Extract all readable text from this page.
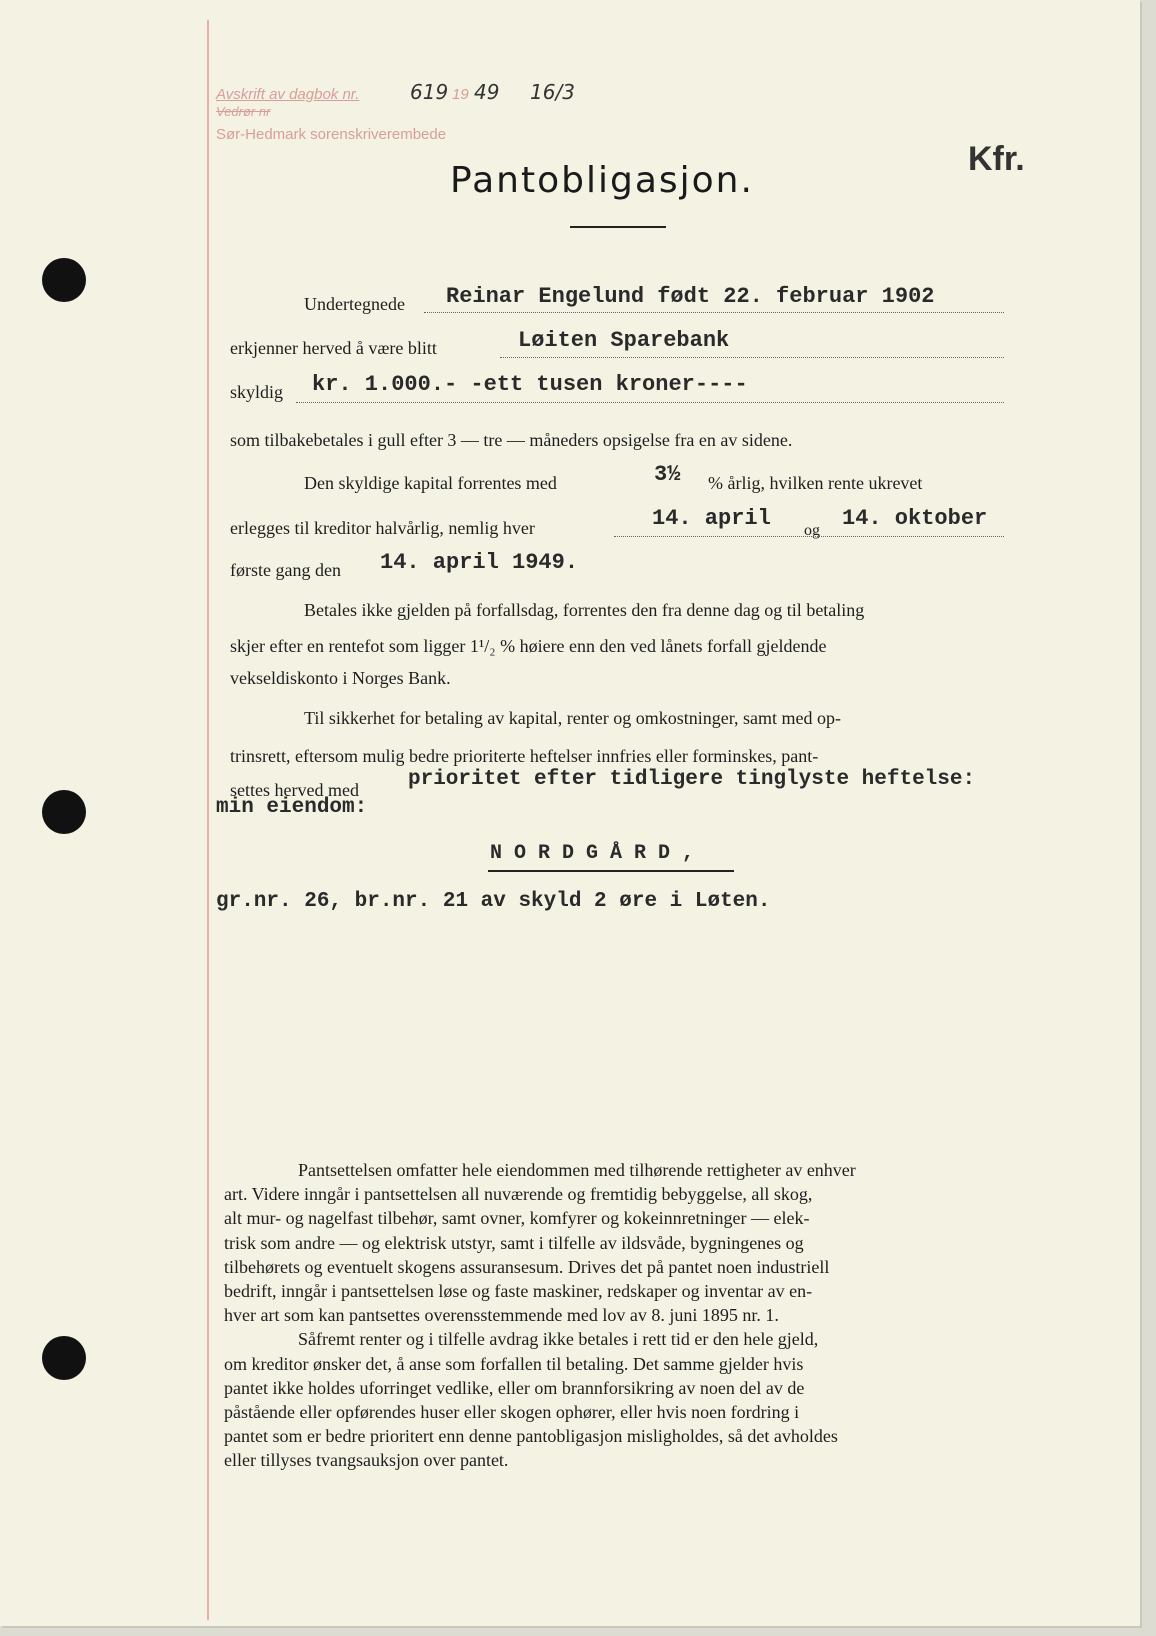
Avskrift av dagbok nr.
Vedrør nr
619 19 49 16/3
Sør-Hedmark sorenskriverembede
Kfr.
Pantobligasjon.
Undertegnede Reinar Engelund født 22. februar 1902
erkjenner herved å være blitt	Løiten Sparebank
skyldig kr. 1.000.- -ett tusen kroner----
som tilbakebetales i gull efter 3 — tre — måneders opsigelse fra en av sidene.
Den skyldige kapital forrentes med	3½ % årlig, hvilken rente ukrevet
erlegges til kreditor halvårlig, nemlig hver	14. april og 14. oktober
første gang den 14. april 1949.
Betales ikke gjelden på forfallsdag, forrentes den fra denne dag og til betaling
skjer efter en rentefot som ligger 1¹/₂ % høiere enn den ved lånets forfall gjeldende
vekseldiskonto i Norges Bank.
Til sikkerhet for betaling av kapital, renter og omkostninger, samt med op-
trinsrett, eftersom mulig bedre prioriterte heftelser innfries eller forminskes, pant-
settes herved med prioritet efter tidligere tinglyste heftelse:
min eiendom:
N O R D G Å R D ,
gr.nr. 26, br.nr. 21 av skyld 2 øre i Løten.
Pantsettelsen omfatter hele eiendommen med tilhørende rettigheter av enhver
art. Videre inngår i pantsettelsen all nuværende og fremtidig bebyggelse, all skog,
alt mur- og nagelfast tilbehør, samt ovner, komfyrer og kokeinnretninger — elek-
trisk som andre — og elektrisk utstyr, samt i tilfelle av ildsvåde, bygningenes og
tilbehørets og eventuelt skogens assuransesum. Drives det på pantet noen industriell
bedrift, inngår i pantsettelsen løse og faste maskiner, redskaper og inventar av en-
hver art som kan pantsettes overensstemmende med lov av 8. juni 1895 nr. 1.
Såfremt renter og i tilfelle avdrag ikke betales i rett tid er den hele gjeld,
om kreditor ønsker det, å anse som forfallen til betaling. Det samme gjelder hvis
pantet ikke holdes uforringet vedlike, eller om brannforsikring av noen del av de
påstående eller opførendes huser eller skogen ophører, eller hvis noen fordring i
pantet som er bedre prioritert enn denne pantobligasjon misligholdes, så det avholdes
eller tillyses tvangsauksjon over pantet.
